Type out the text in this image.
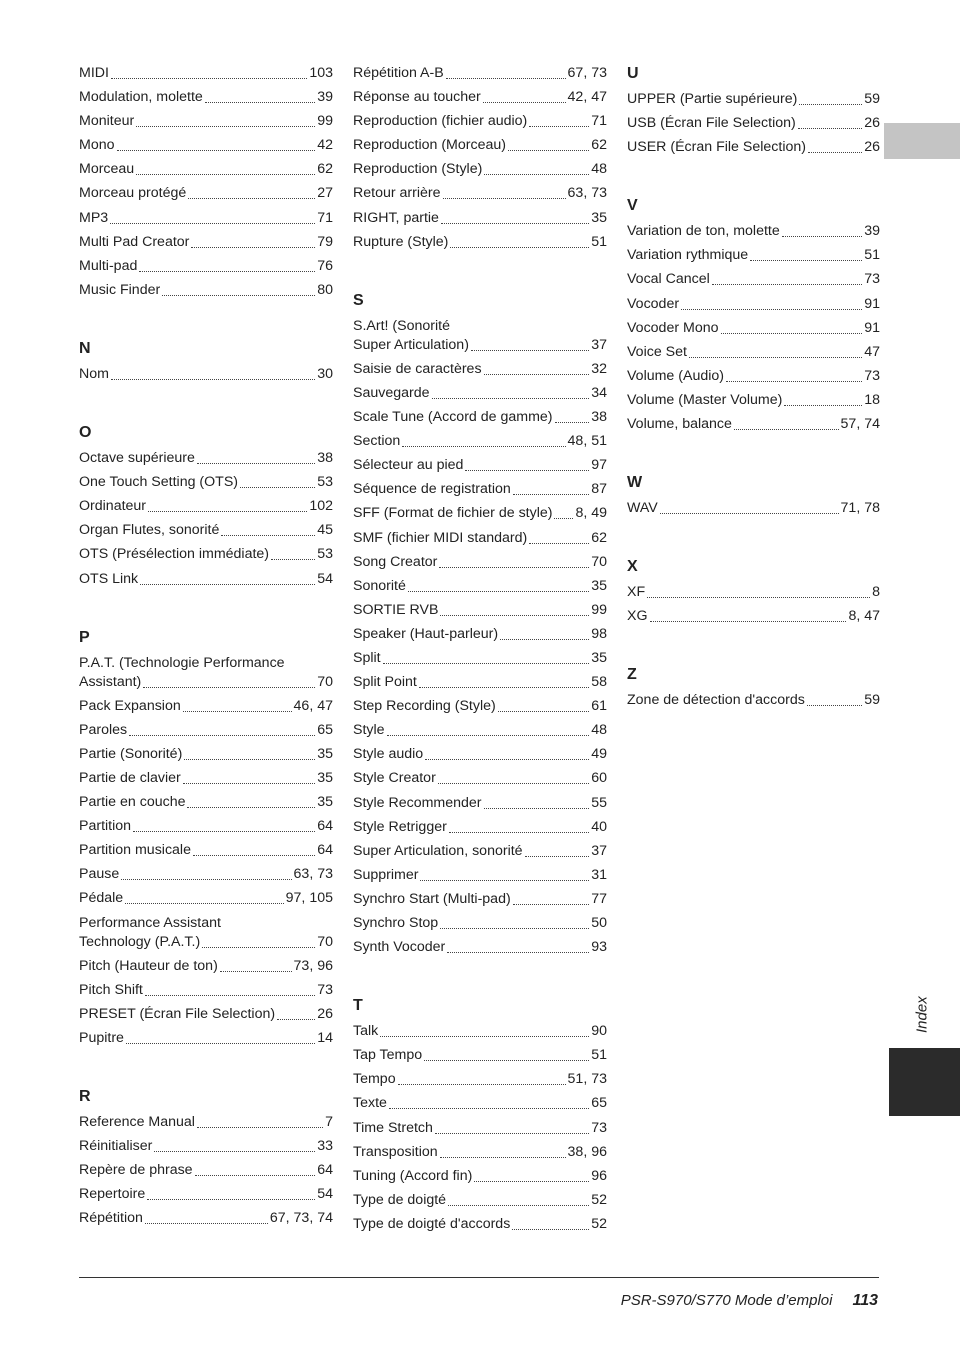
MIDI	103
Modulation, molette	39
Moniteur	99
Mono	42
Morceau	62
Morceau protégé	27
MP3	71
Multi Pad Creator	79
Multi-pad	76
Music Finder	80
N
Nom	30
O
Octave supérieure	38
One Touch Setting (OTS)	53
Ordinateur	102
Organ Flutes, sonorité	45
OTS (Présélection immédiate)	53
OTS Link	54
P
P.A.T. (Technologie Performance
Assistant)	70
Pack Expansion	46, 47
Paroles	65
Partie (Sonorité)	35
Partie de clavier	35
Partie en couche	35
Partition	64
Partition musicale	64
Pause	63, 73
Pédale	97, 105
Performance Assistant
Technology (P.A.T.)	70
Pitch (Hauteur de ton)	73, 96
Pitch Shift	73
PRESET (Écran File Selection)	26
Pupitre	14
R
Reference Manual	7
Réinitialiser	33
Repère de phrase	64
Repertoire	54
Répétition	67, 73, 74
Répétition A-B	67, 73
Réponse au toucher	42, 47
Reproduction (fichier audio)	71
Reproduction (Morceau)	62
Reproduction (Style)	48
Retour arrière	63, 73
RIGHT, partie	35
Rupture (Style)	51
S
S.Art! (Sonorité
Super Articulation)	37
Saisie de caractères	32
Sauvegarde	34
Scale Tune (Accord de gamme)	38
Section	48, 51
Sélecteur au pied	97
Séquence de registration	87
SFF (Format de fichier de style) 8, 49
SMF (fichier MIDI standard)	62
Song Creator	70
Sonorité	35
SORTIE RVB	99
Speaker (Haut-parleur)	98
Split	35
Split Point	58
Step Recording (Style)	61
Style	48
Style audio	49
Style Creator	60
Style Recommender	55
Style Retrigger	40
Super Articulation, sonorité	37
Supprimer	31
Synchro Start (Multi-pad)	77
Synchro Stop	50
Synth Vocoder	93
T
Talk	90
Tap Tempo	51
Tempo	51, 73
Texte	65
Time Stretch	73
Transposition	38, 96
Tuning (Accord fin)	96
Type de doigté	52
Type de doigté d'accords	52
U
UPPER (Partie supérieure)	59
USB (Écran File Selection)	26
USER (Écran File Selection)	26
V
Variation de ton, molette	39
Variation rythmique	51
Vocal Cancel	73
Vocoder	91
Vocoder Mono	91
Voice Set	47
Volume (Audio)	73
Volume (Master Volume)	18
Volume, balance	57, 74
W
WAV	71, 78
X
XF	8
XG	8, 47
Z
Zone de détection d'accords	59
Index
PSR-S970/S770 Mode d’emploi 113
